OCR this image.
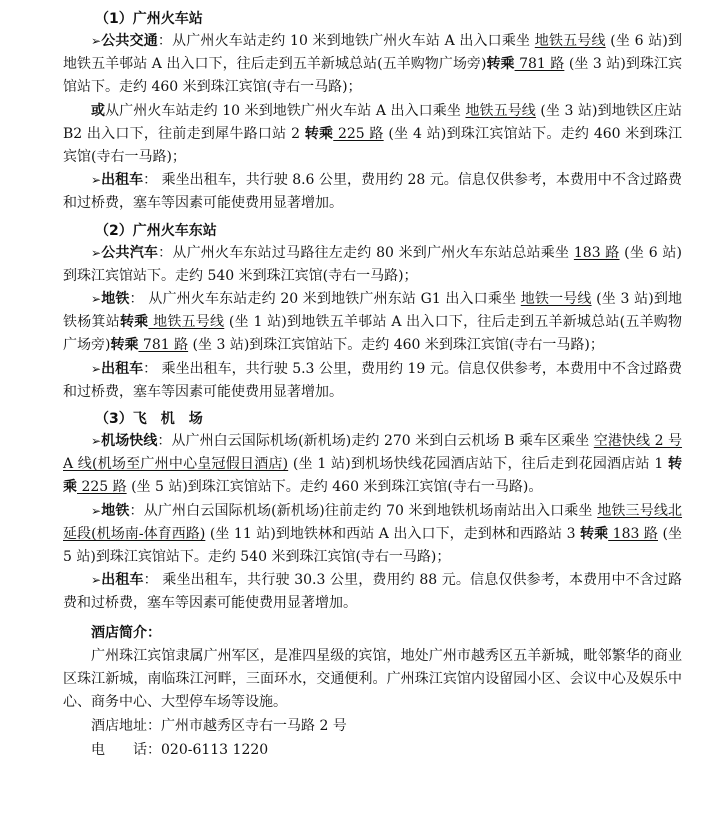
（1）广州火车站
➢公共交通：从广州火车站走约 10 米到地铁广州火车站 A 出入口乘坐 地铁五号线 (坐 6 站)到地铁五羊邨站 A 出入口下，往后走到五羊新城总站(五羊购物广场旁)转乘 781 路 (坐 3 站)到珠江宾馆站下。走约 460 米到珠江宾馆(寺右一马路)；
或从广州火车站走约 10 米到地铁广州火车站 A 出入口乘坐 地铁五号线 (坐 3 站)到地铁区庄站 B2 出入口下，往前走到犀牛路口站 2 转乘 225 路 (坐 4 站)到珠江宾馆站下。走约 460 米到珠江宾馆(寺右一马路)；
➢出租车： 乘坐出租车，共行驶 8.6 公里，费用约 28 元。信息仅供参考，本费用中不含过路费和过桥费，塞车等因素可能使费用显著增加。
（2）广州火车东站
➢公共汽车：从广州火车东站过马路往左走约 80 米到广州火车东站总站乘坐 183 路 (坐 6 站)到珠江宾馆站下。走约 540 米到珠江宾馆(寺右一马路)；
➢地铁： 从广州火车东站走约 20 米到地铁广州东站 G1 出入口乘坐 地铁一号线 (坐 3 站)到地铁杨箕站转乘 地铁五号线 (坐 1 站)到地铁五羊邨站 A 出入口下，往后走到五羊新城总站(五羊购物广场旁)转乘 781 路 (坐 3 站)到珠江宾馆站下。走约 460 米到珠江宾馆(寺右一马路)；
➢出租车： 乘坐出租车，共行驶 5.3 公里，费用约 19 元。信息仅供参考，本费用中不含过路费和过桥费，塞车等因素可能使费用显著增加。
（3）飞　机　场
➢机场快线：从广州白云国际机场(新机场)走约 270 米到白云机场 B 乘车区乘坐 空港快线 2 号 A 线(机场至广州中心皇冠假日酒店) (坐 1 站)到机场快线花园酒店站下，往后走到花园酒店站 1 转乘 225 路 (坐 5 站)到珠江宾馆站下。走约 460 米到珠江宾馆(寺右一马路)。
➢地铁：从广州白云国际机场(新机场)往前走约 70 米到地铁机场南站出入口乘坐 地铁三号线北延段(机场南-体育西路) (坐 11 站)到地铁林和西站 A 出入口下，走到林和西路站 3 转乘 183 路 (坐 5 站)到珠江宾馆站下。走约 540 米到珠江宾馆(寺右一马路)；
➢出租车： 乘坐出租车，共行驶 30.3 公里，费用约 88 元。信息仅供参考，本费用中不含过路费和过桥费，塞车等因素可能使费用显著增加。
酒店简介：
广州珠江宾馆隶属广州军区，是准四星级的宾馆，地处广州市越秀区五羊新城，毗邻繁华的商业区珠江新城，南临珠江河畔，三面环水，交通便利。广州珠江宾馆内设留园小区、会议中心及娱乐中心、商务中心、大型停车场等设施。
酒店地址：广州市越秀区寺右一马路 2 号
电　　话：020-6113 1220
